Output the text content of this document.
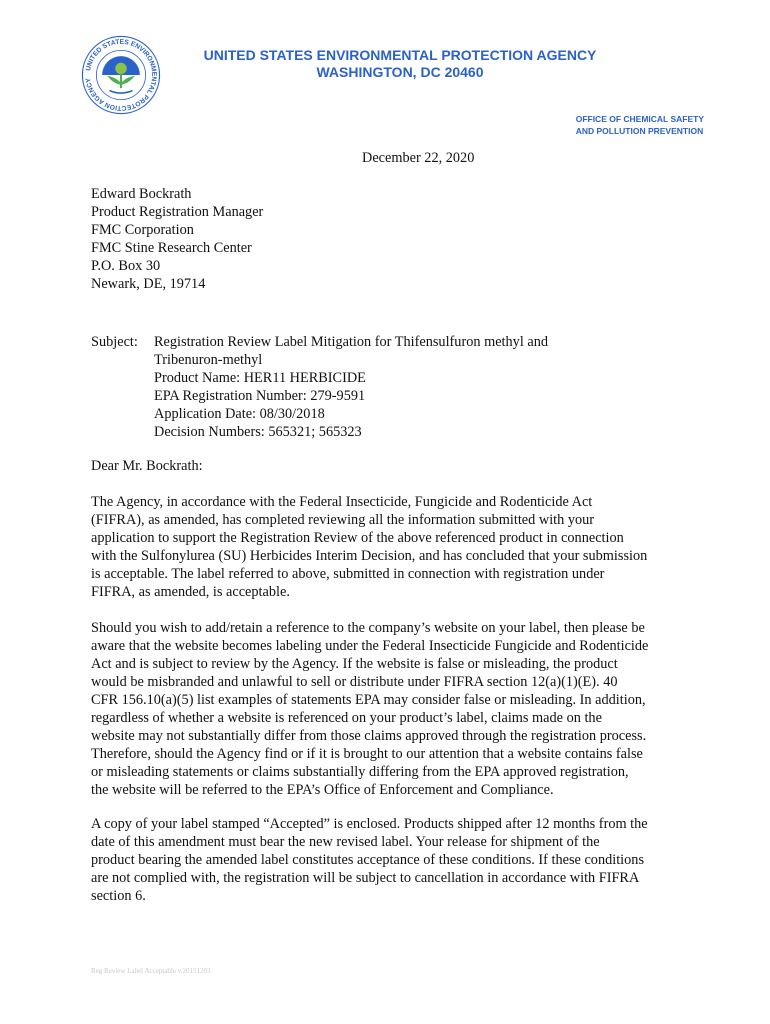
UNITED STATES ENVIRONMENTAL PROTECTION AGENCY
UNITED STATES ENVIRONMENTAL PROTECTION AGENCY
WASHINGTON, DC 20460
OFFICE OF CHEMICAL SAFETY
AND POLLUTION PREVENTION
December 22, 2020
Edward Bockrath
Product Registration Manager
FMC Corporation
FMC Stine Research Center
P.O. Box 30
Newark, DE, 19714
Subject: Registration Review Label Mitigation for Thifensulfuron methyl and
Tribenuron-methyl
Product Name: HER11 HERBICIDE
EPA Registration Number: 279-9591
Application Date: 08/30/2018
Decision Numbers: 565321; 565323
Dear Mr. Bockrath:
The Agency, in accordance with the Federal Insecticide, Fungicide and Rodenticide Act
(FIFRA), as amended, has completed reviewing all the information submitted with your
application to support the Registration Review of the above referenced product in connection
with the Sulfonylurea (SU) Herbicides Interim Decision, and has concluded that your submission
is acceptable. The label referred to above, submitted in connection with registration under
FIFRA, as amended, is acceptable.
Should you wish to add/retain a reference to the company’s website on your label, then please be
aware that the website becomes labeling under the Federal Insecticide Fungicide and Rodenticide
Act and is subject to review by the Agency. If the website is false or misleading, the product
would be misbranded and unlawful to sell or distribute under FIFRA section 12(a)(1)(E). 40
CFR 156.10(a)(5) list examples of statements EPA may consider false or misleading. In addition,
regardless of whether a website is referenced on your product’s label, claims made on the
website may not substantially differ from those claims approved through the registration process.
Therefore, should the Agency find or if it is brought to our attention that a website contains false
or misleading statements or claims substantially differing from the EPA approved registration,
the website will be referred to the EPA’s Office of Enforcement and Compliance.
A copy of your label stamped “Accepted” is enclosed. Products shipped after 12 months from the
date of this amendment must bear the new revised label. Your release for shipment of the
product bearing the amended label constitutes acceptance of these conditions. If these conditions
are not complied with, the registration will be subject to cancellation in accordance with FIFRA
section 6.
Reg Review Label Acceptable v.20151203
